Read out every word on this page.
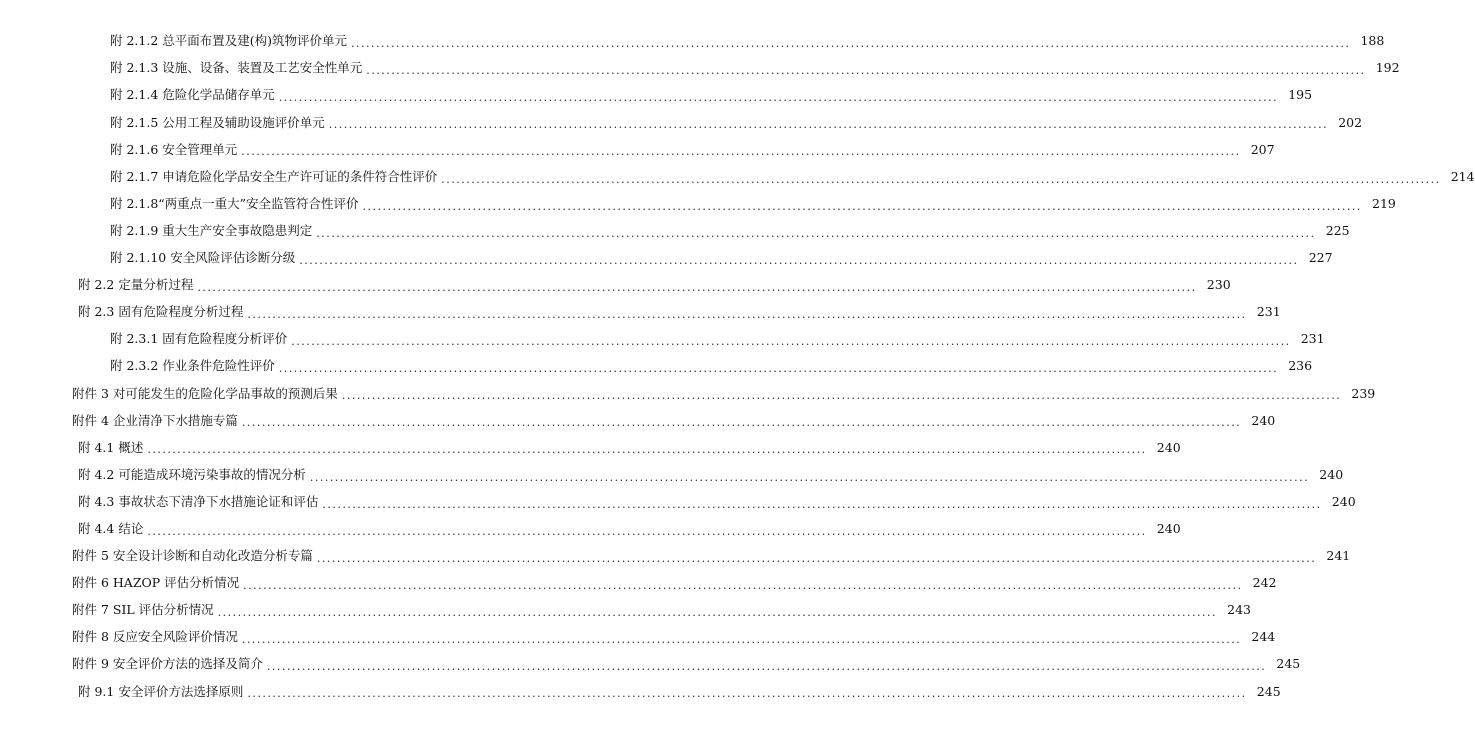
附 2.1.2 总平面布置及建(构)筑物评价单元 ........................................................................................................................................................................................................ 188
附 2.1.3 设施、设备、装置及工艺安全性单元 ........................................................................................................................................................................................................ 192
附 2.1.4 危险化学品储存单元 ........................................................................................................................................................................................................ 195
附 2.1.5 公用工程及辅助设施评价单元 ........................................................................................................................................................................................................ 202
附 2.1.6 安全管理单元 ........................................................................................................................................................................................................ 207
附 2.1.7 申请危险化学品安全生产许可证的条件符合性评价 ........................................................................................................................................................................................................ 214
附 2.1.8“两重点一重大”安全监管符合性评价 ........................................................................................................................................................................................................ 219
附 2.1.9 重大生产安全事故隐患判定 ........................................................................................................................................................................................................ 225
附 2.1.10 安全风险评估诊断分级 ........................................................................................................................................................................................................ 227
附 2.2 定量分析过程 ........................................................................................................................................................................................................ 230
附 2.3 固有危险程度分析过程 ........................................................................................................................................................................................................ 231
附 2.3.1 固有危险程度分析评价 ........................................................................................................................................................................................................ 231
附 2.3.2 作业条件危险性评价 ........................................................................................................................................................................................................ 236
附件 3 对可能发生的危险化学品事故的预测后果 ........................................................................................................................................................................................................ 239
附件 4 企业清净下水措施专篇 ........................................................................................................................................................................................................ 240
附 4.1 概述 ........................................................................................................................................................................................................ 240
附 4.2 可能造成环境污染事故的情况分析 ........................................................................................................................................................................................................ 240
附 4.3 事故状态下清净下水措施论证和评估 ........................................................................................................................................................................................................ 240
附 4.4 结论 ........................................................................................................................................................................................................ 240
附件 5 安全设计诊断和自动化改造分析专篇 ........................................................................................................................................................................................................ 241
附件 6 HAZOP 评估分析情况 ........................................................................................................................................................................................................ 242
附件 7 SIL 评估分析情况 ........................................................................................................................................................................................................ 243
附件 8 反应安全风险评价情况 ........................................................................................................................................................................................................ 244
附件 9 安全评价方法的选择及简介 ........................................................................................................................................................................................................ 245
附 9.1 安全评价方法选择原则 ........................................................................................................................................................................................................ 245
